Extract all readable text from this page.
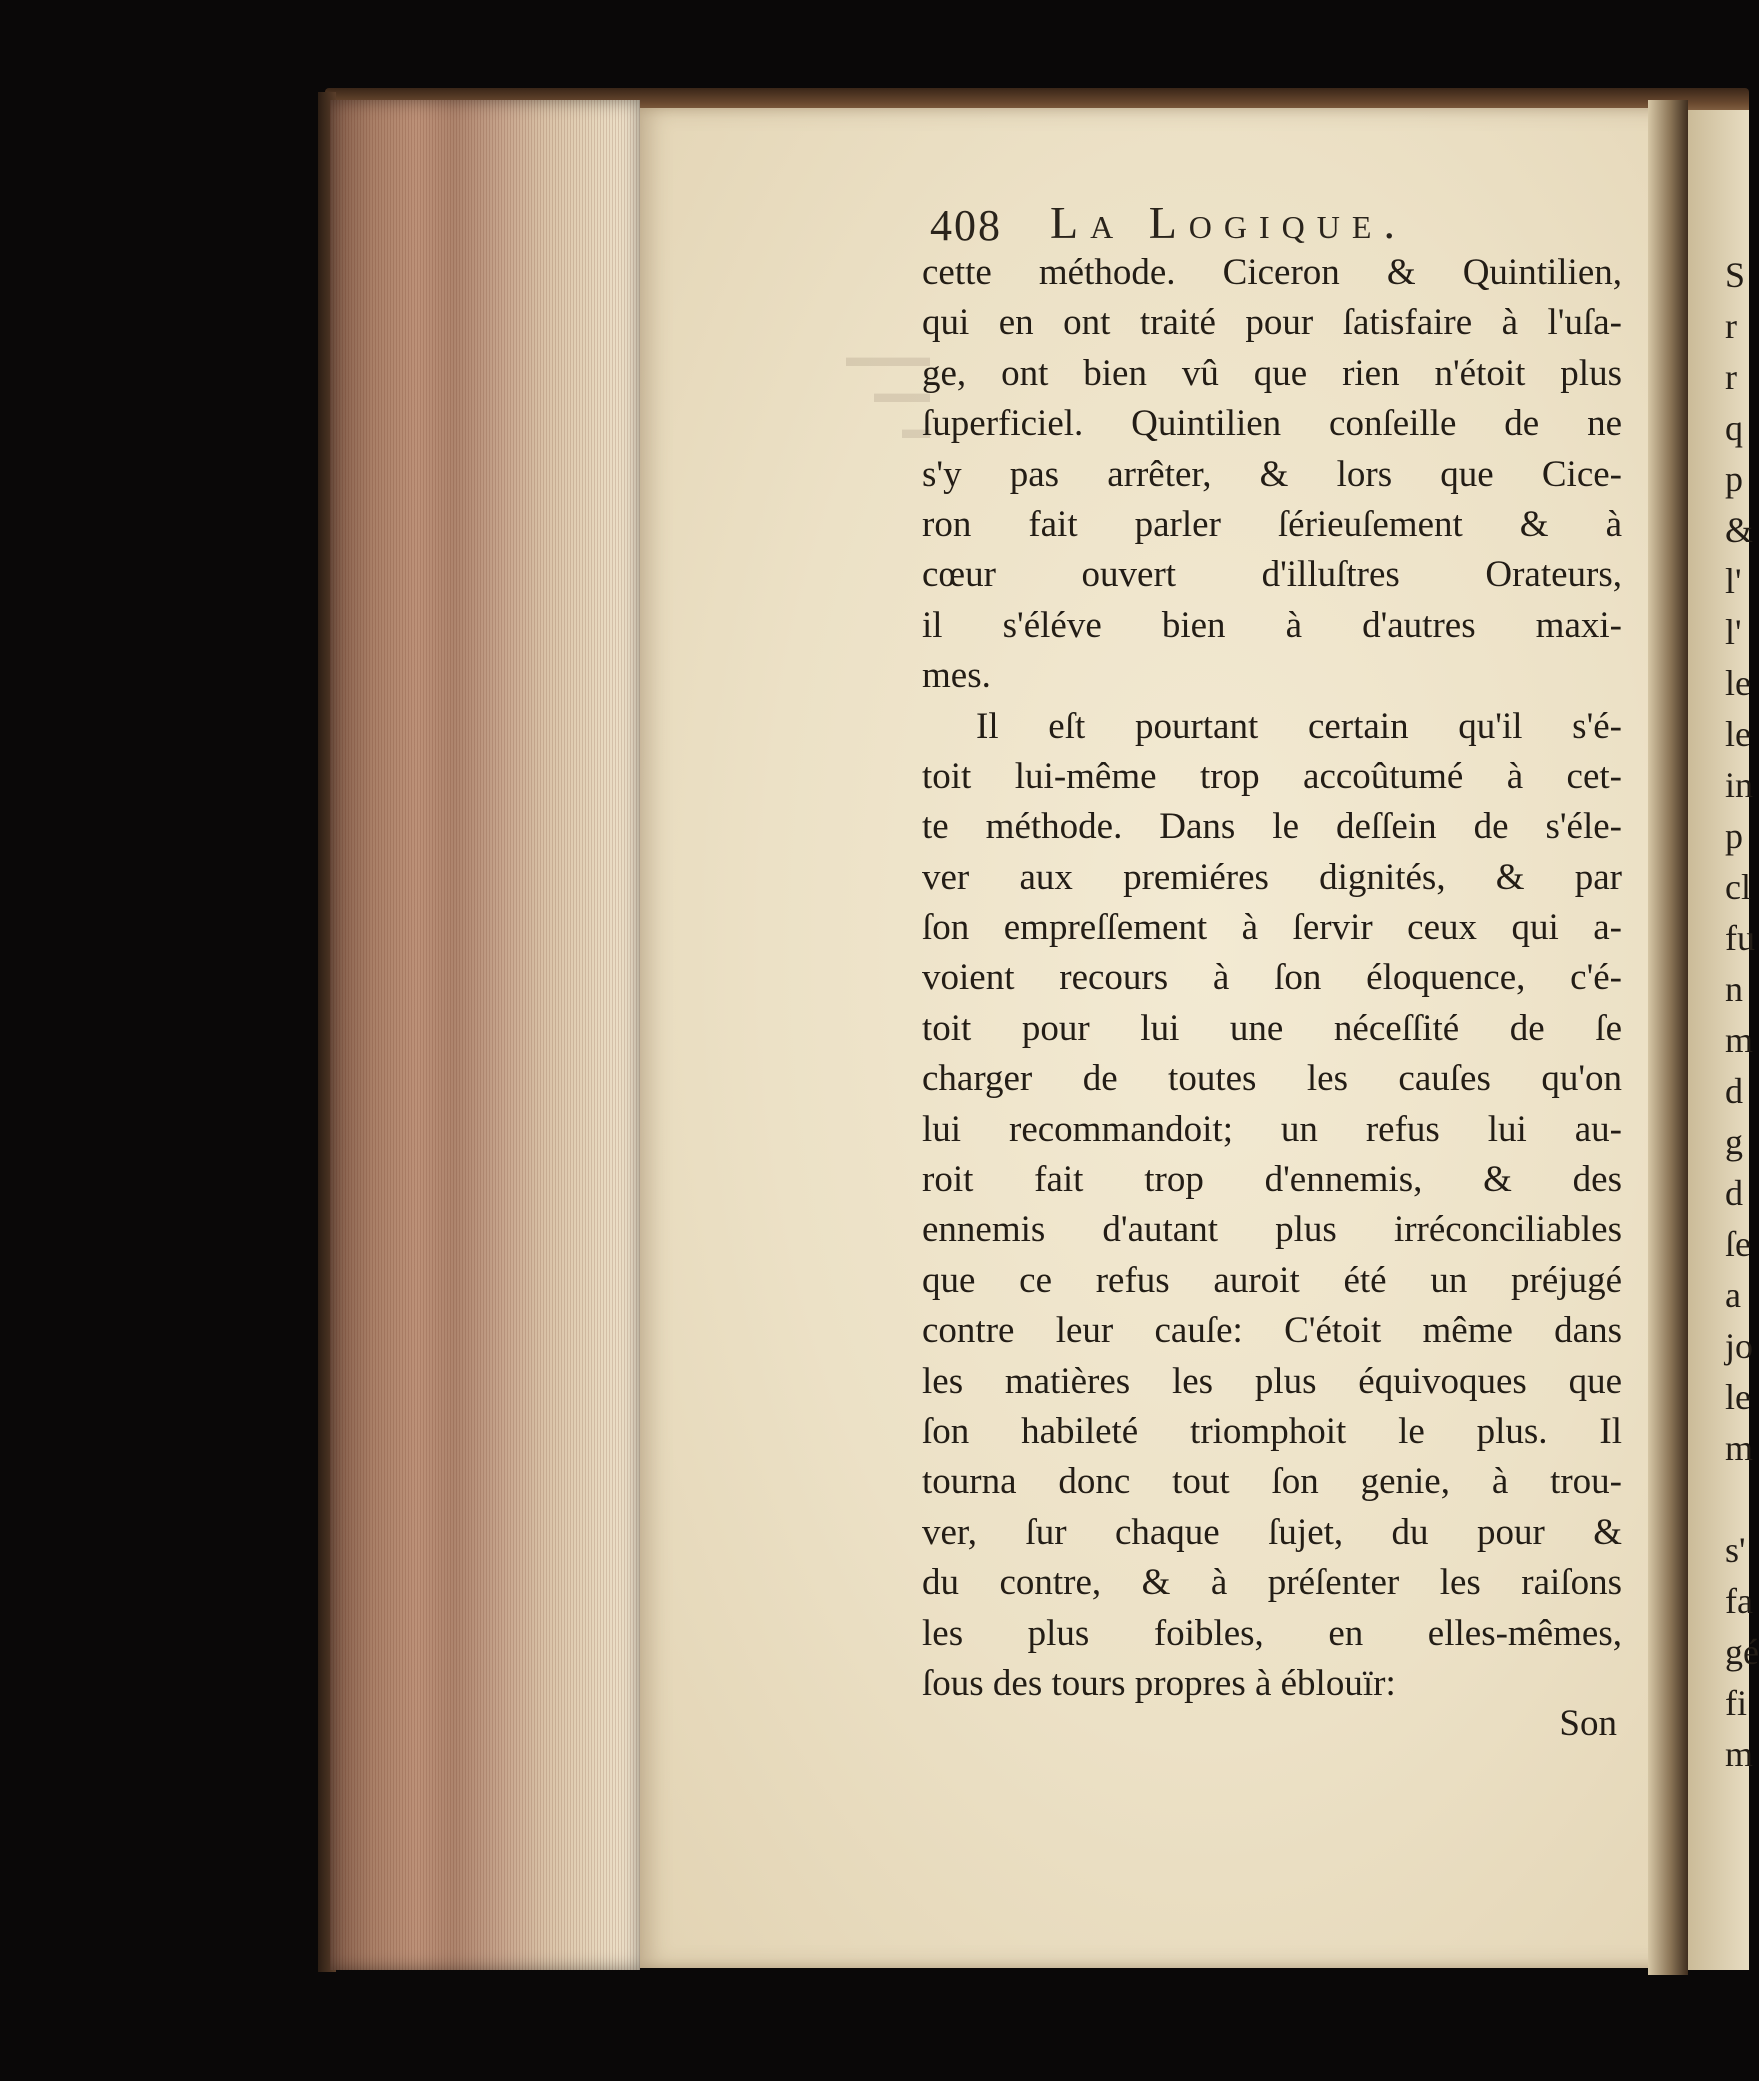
▬▬▬
▬▬
▬
408 La Logique.
cette méthode. Ciceron & Quintilien,
qui en ont traité pour ſatisfaire à l'uſa-
ge, ont bien vû que rien n'étoit plus
ſuperficiel. Quintilien conſeille de ne
s'y pas arrêter, & lors que Cice-
ron fait parler ſérieuſement & à
cœur ouvert d'illuſtres Orateurs,
il s'éléve bien à d'autres maxi-
mes.
Il eſt pourtant certain qu'il s'é-
toit lui-même trop accoûtumé à cet-
te méthode. Dans le deſſein de s'éle-
ver aux premiéres dignités, & par
ſon empreſſement à ſervir ceux qui a-
voient recours à ſon éloquence, c'é-
toit pour lui une néceſſité de ſe
charger de toutes les cauſes qu'on
lui recommandoit; un refus lui au-
roit fait trop d'ennemis, & des
ennemis d'autant plus irréconciliables
que ce refus auroit été un préjugé
contre leur cauſe: C'étoit même dans
les matières les plus équivoques que
ſon habileté triomphoit le plus. Il
tourna donc tout ſon genie, à trou-
ver, ſur chaque ſujet, du pour &
du contre, & à préſenter les raiſons
les plus foibles, en elles-mêmes,
ſous des tours propres à éblouïr:
Son
S
r
r
q
p
&
l'
l'
le
le
in
p
cl
fu
n
m
d
g
d
ſe
a
jo
le
m
s'
fa
gé
fi
m
